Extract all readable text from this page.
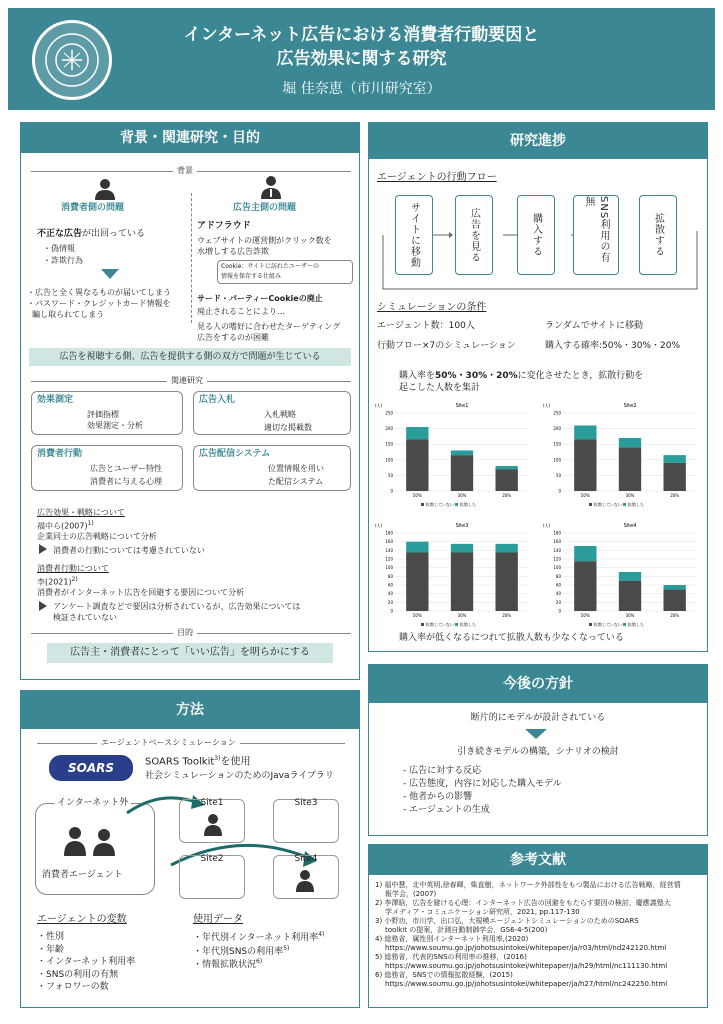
インターネット広告における消費者行動要因と
広告効果に関する研究
堀 佳奈恵（市川研究室）
背景・関連研究・目的
背景
消費者側の問題
不正な広告が出回っている
・偽情報
・詐欺行為
・広告と全く異なるものが届いてしまう
・パスワード・クレジットカード情報を
騙し取られてしまう
広告主側の問題
アドフラウド
ウェブサイトの運営側がクリック数を
水増しする広告詐欺
Cookie：サイトに訪れたユーザーの
情報を保存する仕組み
サード・パーティーCookieの廃止
廃止されることにより…
見る人の嗜好に合わせたターゲティング
広告をするのが困難
広告を視聴する側、広告を提供する側の双方で問題が生じている
関連研究
効果測定
評価指標
効果測定・分析
広告入札
入札戦略
適切な掲載数
消費者行動
広告とユーザー特性
消費者に与える心理
広告配信システム
位置情報を用い
た配信システム
広告効果・戦略について
福中ら$(2007)^{1)}$
企業同士の広告戦略について分析
消費者の行動については考慮されていない
消費者行動について
李$(2021)^{2)}$
消費者がインターネット広告を回避する要因について分析
アンケート調査などで要因は分析されているが、広告効果については
検証されていない
目的
広告主・消費者にとって「いい広告」を明らかにする
方法
エージェントベースシミュレーション
SOARS	SOARS Toolkit$^{3)}$を使用
社会シミュレーションのためのJavaライブラリ
インターネット外
消費者エージェント
Site1	Site3
Site2	Site4
エージェントの変数
・性別
・年齢
・インターネット利用率
・SNSの利用の有無
・フォロワーの数
使用データ
・年代別インターネット利用率$^{4)}$
・年代別SNSの利用率$^{5)}$
・情報拡散状況$^{6)}$
研究進捗
エージェントの行動フロー
サイトに移動	広告を見る	購入する	SNS利用の有無
拡散する
シミュレーションの条件
エージェント数：100人	ランダムでサイトに移動
行動フロー×7のシミュレーション	購入する確率:50%・30%・20%
購入率を50%・30%・20%に変化させたとき，拡散行動を
起こした人数を集計
Site1
(人)
0
50
100
150
200
250
50%	30%	20%
拡散していない 拡散した
Site2
(人)
0
50
100
150
200
250
50%	30%	20%
拡散していない 拡散した
Site3
(人)
0
20
40
60
80
100
120
140
160
180
50%	30%	20%
拡散していない 拡散した
Site4
(人)
0
20
40
60
80
100
120
140
160
180
50%	30%	20%
拡散していない 拡散した
購入率が低くなるにつれて拡散人数も少なくなっている
今後の方針
断片的にモデルが設計されている
引き続きモデルの構築，シナリオの検討
- 広告に対する反応
- 広告態度，内容に対応した購入モデル
- 他者からの影響
- エージェントの生成
参考文献
1) 福中慧，北中英明,徐春暉，柴直樹，ネットワーク外部性をもつ製品における広告戦略，経営情
報学会，(2007)
2) 李澤晗，広告を避ける心理：インターネット広告の回避をもたらす要因の検討，慶應義塾大
学メディア・コミュニケーション研究所，2021, pp.117-130
3) 小野功，市川学，出口弘，大規模エージェントシミュレーションのためのSOARS
toolkit の提案，計測自動制御学会，GS6-4-5(200)
4) 総務省，属性別インターネット利用率,(2020)
https://www.soumu.go.jp/johotsusintokei/whitepaper/ja/r03/html/nd242120.html
5) 総務省，代表的SNSの利用率の推移，(2016)
https://www.soumu.go.jp/johotsusintokei/whitepaper/ja/h29/html/nc111130.html
6) 総務省，SNSでの情報拡散経験，(2015)
https://www.soumu.go.jp/johotsusintokei/whitepaper/ja/h27/html/nc242250.html
